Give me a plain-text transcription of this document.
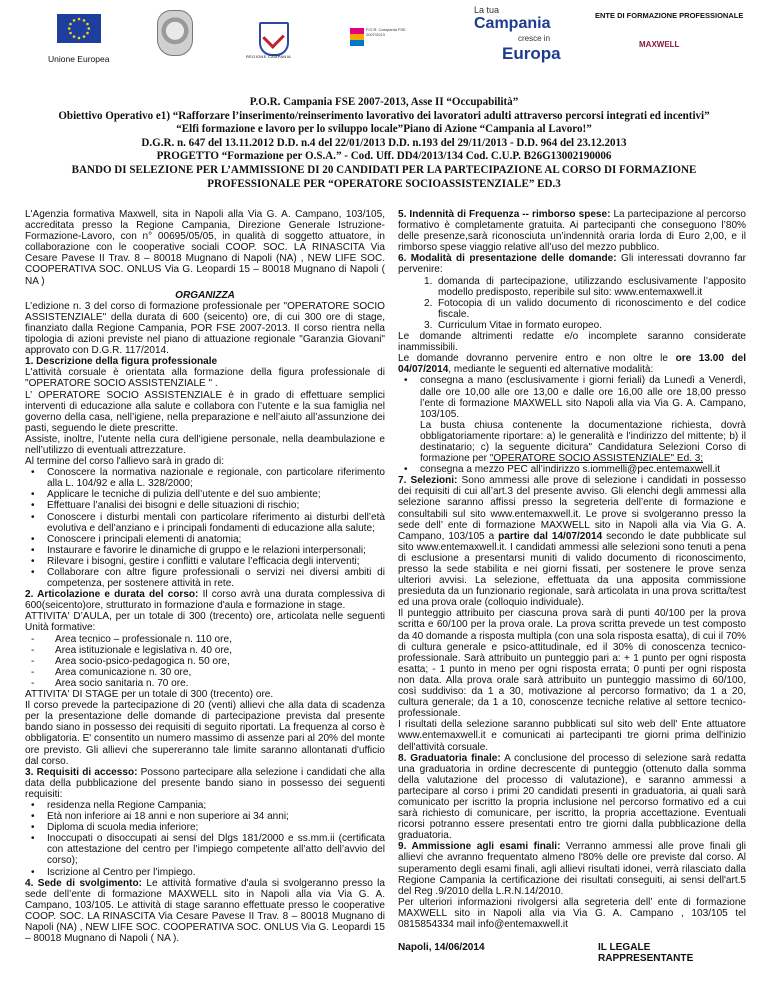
Unione Europea	REGIONE CAMPANIA
P.O.R. Campania FSE 2007/2013
La tua
Campania
cresce in
Europa
ENTE DI FORMAZIONE PROFESSIONALE
MAXWELL
P.O.R. Campania FSE 2007-2013, Asse II “Occupabilità”
Obiettivo Operativo e1) “Rafforzare l’inserimento/reinserimento lavorativo dei lavoratori adulti attraverso percorsi integrati ed incentivi”
“Elfi formazione e lavoro per lo sviluppo locale”Piano di Azione “Campania al Lavoro!”
D.G.R. n. 647 del 13.11.2012 D.D. n.4 del 22/01/2013 D.D. n.193 del 29/11/2013 - D.D. 964 del 23.12.2013
PROGETTO “Formazione per O.S.A.” - Cod. Uff. DD4/2013/134 Cod. C.U.P. B26G13002190006
BANDO DI SELEZIONE PER L’AMMISSIONE DI 20 CANDIDATI PER LA PARTECIPAZIONE AL CORSO DI FORMAZIONE
PROFESSIONALE PER “OPERATORE SOCIOASSISTENZIALE” ED.3

L'Agenzia formativa Maxwell, sita in Napoli alla Via G. A. Campano, 103/105, accreditata presso la Regione Campania, Direzione Generale Istruzione-Formazione-Lavoro, con n° 00695/05/05, in qualità di soggetto attuatore, in collaborazione con le cooperative sociali COOP. SOC. LA RINASCITA Via Cesare Pavese II Trav. 8 – 80018 Mugnano di Napoli (NA) , NEW LIFE SOC. COOPERATIVA SOC. ONLUS Via G. Leopardi 15 – 80018 Mugnano di Napoli ( NA )

ORGANIZZA

L’edizione n. 3 del corso di formazione professionale per "OPERATORE SOCIO ASSISTENZIALE" della durata di 600 (seicento) ore, di cui 300 ore di stage, finanziato dalla Regione Campania, POR FSE 2007-2013. Il corso rientra nella tipologia di azioni previste nel piano di attuazione regionale "Garanzia Giovani" approvato con D.G.R. 117/2014.

1. Descrizione della figura professionale

L'attività corsuale è orientata alla formazione della figura professionale di "OPERATORE SOCIO ASSISTENZIALE " .

L’ OPERATORE SOCIO ASSISTENZIALE è in grado di effettuare semplici interventi di educazione alla salute e collabora con l’utente e la sua famiglia nel governo della casa, nell’igiene, nella preparazione e nell’aiuto all’assunzione dei pasti, seguendo le diete prescritte.

Assiste, inoltre, l’utente nella cura dell’igiene personale, nella deambulazione e nell’utilizzo di eventuali attrezzature.

Al termine del corso l'allievo sarà in grado di:

• Conoscere la normativa nazionale e regionale, con particolare riferimento alla L. 104/92 e alla L. 328/2000;

• Applicare le tecniche di pulizia dell’utente e del suo ambiente;

• Effettuare l’analisi dei bisogni e delle situazioni di rischio;

• Conoscere i disturbi mentali con particolare riferimento ai disturbi dell’età evolutiva e dell’anziano e i principali fondamenti di educazione alla salute;

• Conoscere i principali elementi di anatomia;

• Instaurare e favorire le dinamiche di gruppo e le relazioni interpersonali;

• Rilevare i bisogni, gestire i conflitti e valutare l’efficacia degli interventi;

• Collaborare con altre figure professionali o servizi nei diversi ambiti di competenza, per sostenere attività in rete.

2. Articolazione e durata del corso: Il corso avrà una durata complessiva di 600(seicento)ore, strutturato in formazione d'aula e formazione in stage.

ATTIVITA' D’AULA, per un totale di 300 (trecento) ore, articolata nelle seguenti Unità formative:

- Area tecnico – professionale n. 110 ore,

- Area istituzionale e legislativa n. 40 ore,

- Area socio-psico-pedagogica n. 50 ore,

- Area comunicazione n. 30 ore,

- Area socio sanitaria n. 70 ore.

ATTIVITA' DI STAGE per un totale di 300 (trecento) ore.

Il corso prevede la partecipazione di 20 (venti) allievi che alla data di scadenza per la presentazione delle domande di partecipazione prevista dal presente bando siano in possesso dei requisiti di seguito riportati. La frequenza al corso è obbligatoria. E' consentito un numero massimo di assenze pari al 20% del monte ore previsto. Gli allievi che supereranno tale limite saranno allontanati d'ufficio dal corso.

3. Requisiti di accesso: Possono partecipare alla selezione i candidati che alla data della pubblicazione del presente bando siano in possesso dei seguenti requisiti:

• residenza nella Regione Campania;

• Età non inferiore ai 18 anni e non superiore ai 34 anni;

• Diploma di scuola media inferiore;

• Inoccupati o disoccupati ai sensi del Dlgs 181/2000 e ss.mm.ii (certificata con attestazione del centro per l’impiego competente all’atto dell’avvio del corso);

• Iscrizione al Centro per l’impiego.

4. Sede di svolgimento: Le attività formative d'aula si svolgeranno presso la sede dell’ente di formazione MAXWELL sito in Napoli alla via Via G. A. Campano, 103/105. Le attività di stage saranno effettuate presso le cooperative COOP. SOC. LA RINASCITA Via Cesare Pavese II Trav. 8 – 80018 Mugnano di Napoli (NA) , NEW LIFE SOC. COOPERATIVA SOC. ONLUS Via G. Leopardi 15 – 80018 Mugnano di Napoli ( NA ).

5. Indennità di Frequenza -- rimborso spese: La partecipazione al percorso formativo è completamente gratuita. Ai partecipanti che conseguono l’80% delle presenze,sarà riconosciuta un’indennità oraria lorda di Euro 2,00, e il rimborso spese viaggio relative all’uso del mezzo pubblico.

6. Modalità di presentazione delle domande: Gli interessati dovranno far pervenire:

1. domanda di partecipazione, utilizzando esclusivamente l’apposito modello predisposto, reperibile sul sito: www.entemaxwell.it

2. Fotocopia di un valido documento di riconoscimento e del codice fiscale.

3. Curriculum Vitae in formato europeo.

Le domande altrimenti redatte e/o incomplete saranno considerate inammissibili.

Le domande dovranno pervenire entro e non oltre le ore 13.00 del 04/07/2014, mediante le seguenti ed alternative modalità:

• consegna a mano (esclusivamente i giorni feriali) da Lunedì a Venerdì, dalle ore 10,00 alle ore 13,00 e dalle ore 16,00 alle ore 18,00 presso l’ente di formazione MAXWELL sito Napoli alla via Via G. A. Campano, 103/105.

La busta chiusa contenente la documentazione richiesta, dovrà obbligatoriamente riportare: a) le generalità e l’indirizzo del mittente; b) il destinatario; c) la seguente dicitura" Candidatura Selezioni Corso di formazione per "OPERATORE SOCIO ASSISTENZIALE" Ed. 3;

• consegna a mezzo PEC all’indirizzo s.iommelli@pec.entemaxwell.it

7. Selezioni: Sono ammessi alle prove di selezione i candidati in possesso dei requisiti di cui all’art.3 del presente avviso. Gli elenchi degli ammessi alla selezione saranno affissi presso la segreteria dell’ente di formazione e consultabili sul sito www.entemaxwell.it. Le prove si svolgeranno presso la sede dell’ ente di formazione MAXWELL sito in Napoli alla via Via G. A. Campano, 103/105 a partire dal 14/07/2014 secondo le date pubblicate sul sito www.entemaxwell.it. I candidati ammessi alle selezioni sono tenuti a pena di esclusione a presentarsi muniti di valido documento di riconoscimento, presso la sede stabilita e nei giorni fissati, per sostenere le prove senza ulteriori avvisi. La selezione, effettuata da una apposita commissione presieduta da un funzionario regionale, sarà articolata in una prova scritta/test ed una prova orale (colloquio individuale).

Il punteggio attribuito per ciascuna prova sarà di punti 40/100 per la prova scritta e 60/100 per la prova orale. La prova scritta prevede un test composto da 40 domande a risposta multipla (con una sola risposta esatta), di cui il 70% di cultura generale e psico-attitudinale, ed il 30% di conoscenza tecnico-professionale. Sarà attribuito un punteggio pari a: + 1 punto per ogni risposta esatta; - 1 punto in meno per ogni risposta errata; 0 punti per ogni risposta non data. Alla prova orale sarà attribuito un punteggio massimo di 60/100, così suddiviso: da 1 a 30, motivazione al percorso formativo; da 1 a 20, cultura generale; da 1 a 10, conoscenze tecniche relative al settore tecnico-professionale.

I risultati della selezione saranno pubblicati sul sito web dell' Ente attuatore www.entemaxwell.it e comunicati ai partecipanti tre giorni prima dell'inizio dell'attività corsuale.

8. Graduatoria finale: A conclusione del processo di selezione sarà redatta una graduatoria in ordine decrescente di punteggio (ottenuto dalla somma della valutazione del processo di valutazione), e saranno ammessi a partecipare al corso i primi 20 candidati presenti in graduatoria, ai quali sarà comunicato per iscritto la propria inclusione nel percorso formativo ed a cui sarà richiesto di comunicare, per iscritto, la propria accettazione. Eventuali ricorsi potranno essere presentati entro tre giorni dalla pubblicazione della graduatoria.

9. Ammissione agli esami finali: Verranno ammessi alle prove finali gli allievi che avranno frequentato almeno l'80% delle ore previste dal corso. Al superamento degli esami finali, agli allievi risultati idonei, verrà rilasciato dalla Regione Campania la certificazione dei risultati conseguiti, ai sensi dell'art.5 del Reg .9/2010 della L.R.N.14/2010.

Per ulteriori informazioni rivolgersi alla segreteria dell’ ente di formazione MAXWELL sito in Napoli alla via Via G. A. Campano , 103/105 tel 0815854334 mail info@entemaxwell.it

Napoli, 14/06/2014	IL LEGALE RAPPRESENTANTE
